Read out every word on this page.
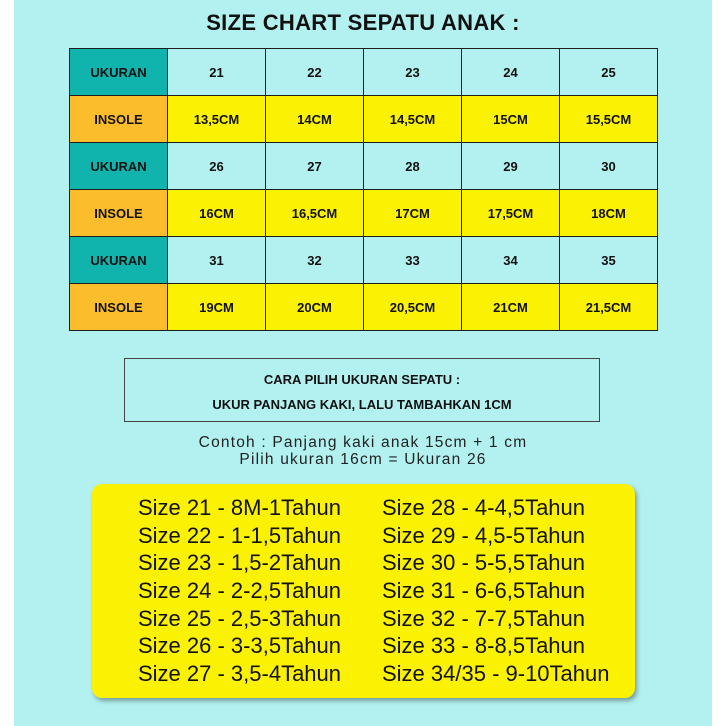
SIZE CHART SEPATU ANAK :
UKURAN	21	22	23	24	25
INSOLE	13,5CM	14CM	14,5CM	15CM	15,5CM
UKURAN	26	27	28	29	30
INSOLE	16CM	16,5CM	17CM	17,5CM	18CM
UKURAN	31	32	33	34	35
INSOLE	19CM	20CM	20,5CM	21CM	21,5CM
CARA PILIH UKURAN SEPATU :
UKUR PANJANG KAKI, LALU TAMBAHKAN 1CM
Contoh : Panjang kaki anak 15cm + 1 cm
Pilih ukuran 16cm = Ukuran 26
Size 21 - 8M-1Tahun
Size 22 - 1-1,5Tahun
Size 23 - 1,5-2Tahun
Size 24 - 2-2,5Tahun
Size 25 - 2,5-3Tahun
Size 26 - 3-3,5Tahun
Size 27 - 3,5-4Tahun
Size 28 - 4-4,5Tahun
Size 29 - 4,5-5Tahun
Size 30 - 5-5,5Tahun
Size 31 - 6-6,5Tahun
Size 32 - 7-7,5Tahun
Size 33 - 8-8,5Tahun
Size 34/35 - 9-10Tahun
